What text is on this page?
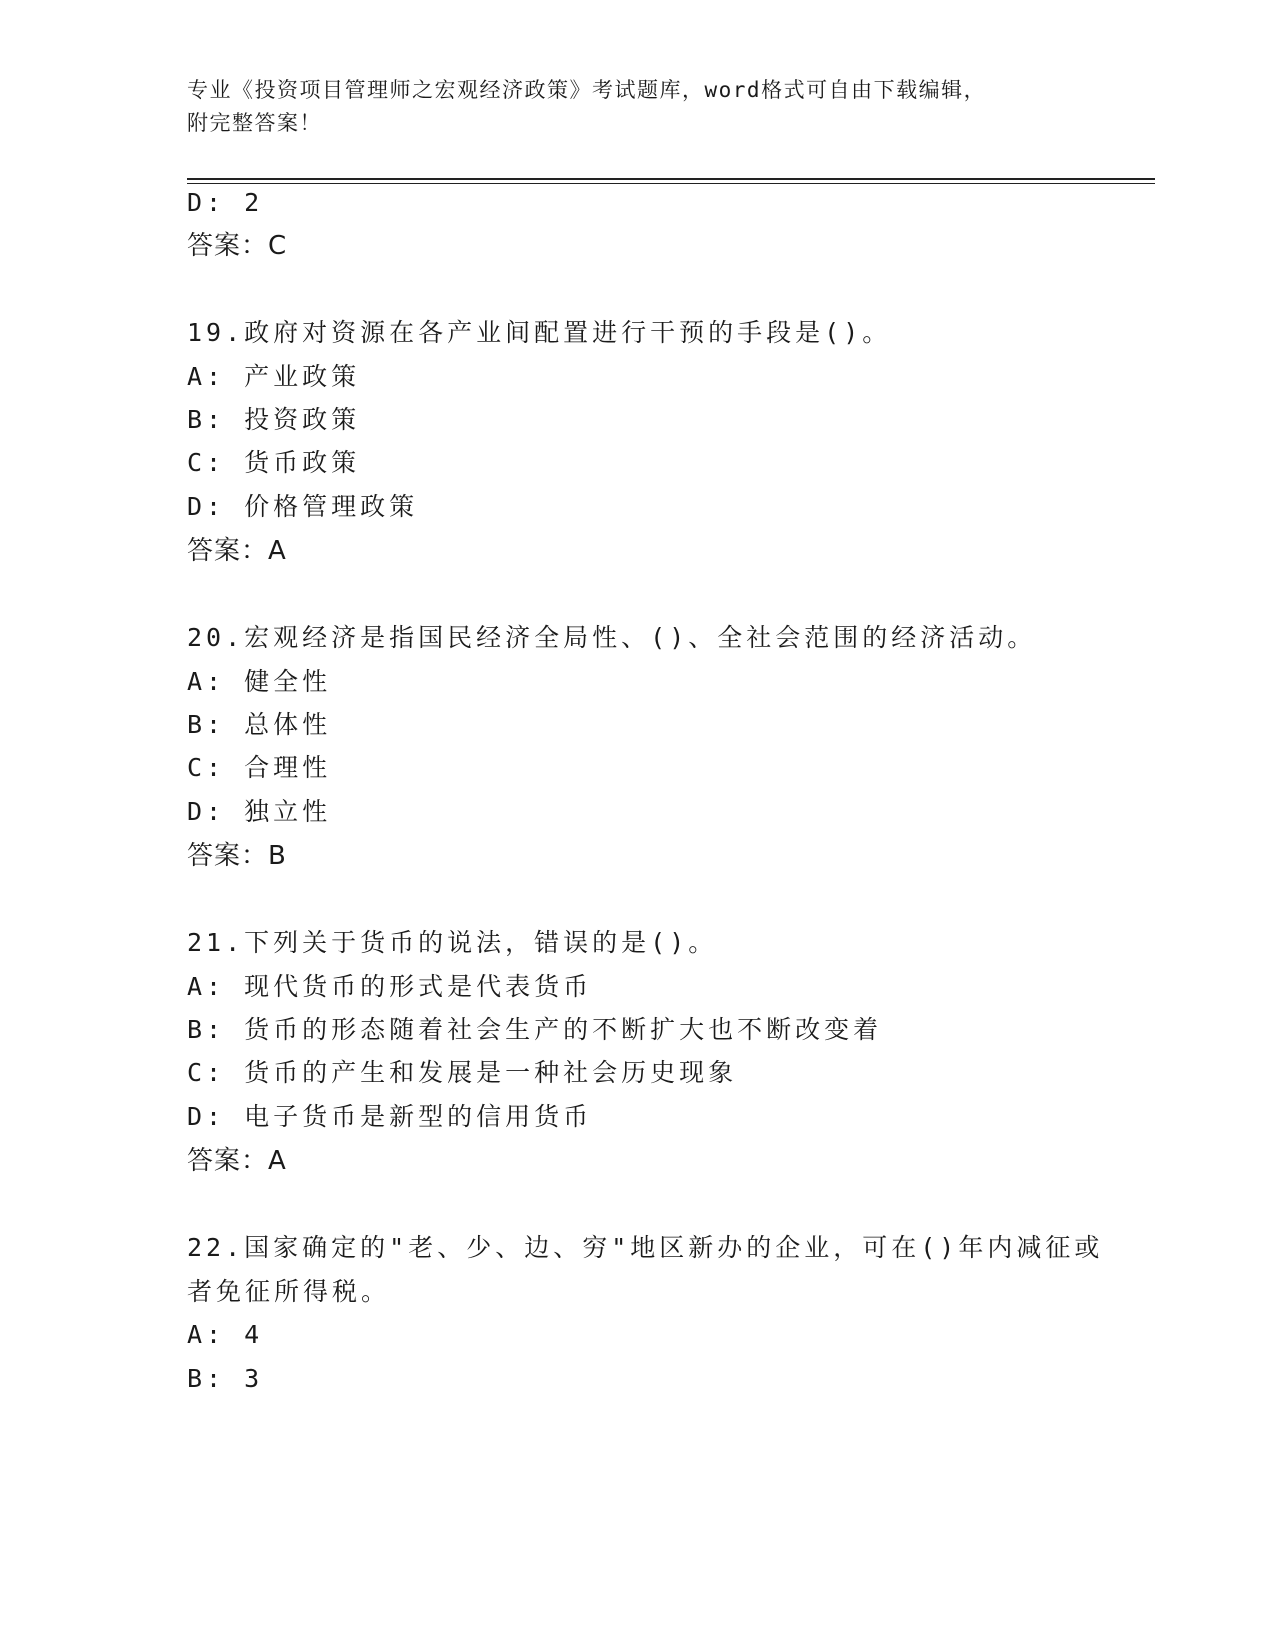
专业《投资项目管理师之宏观经济政策》考试题库，word格式可自由下载编辑，
附完整答案！
D: 2
答案：C
19.政府对资源在各产业间配置进行干预的手段是()。
A: 产业政策
B: 投资政策
C: 货币政策
D: 价格管理政策
答案：A
20.宏观经济是指国民经济全局性、()、全社会范围的经济活动。
A: 健全性
B: 总体性
C: 合理性
D: 独立性
答案：B
21.下列关于货币的说法，错误的是()。
A: 现代货币的形式是代表货币
B: 货币的形态随着社会生产的不断扩大也不断改变着
C: 货币的产生和发展是一种社会历史现象
D: 电子货币是新型的信用货币
答案：A
22.国家确定的"老、少、边、穷"地区新办的企业，可在()年内减征或
者免征所得税。
A: 4
B: 3
